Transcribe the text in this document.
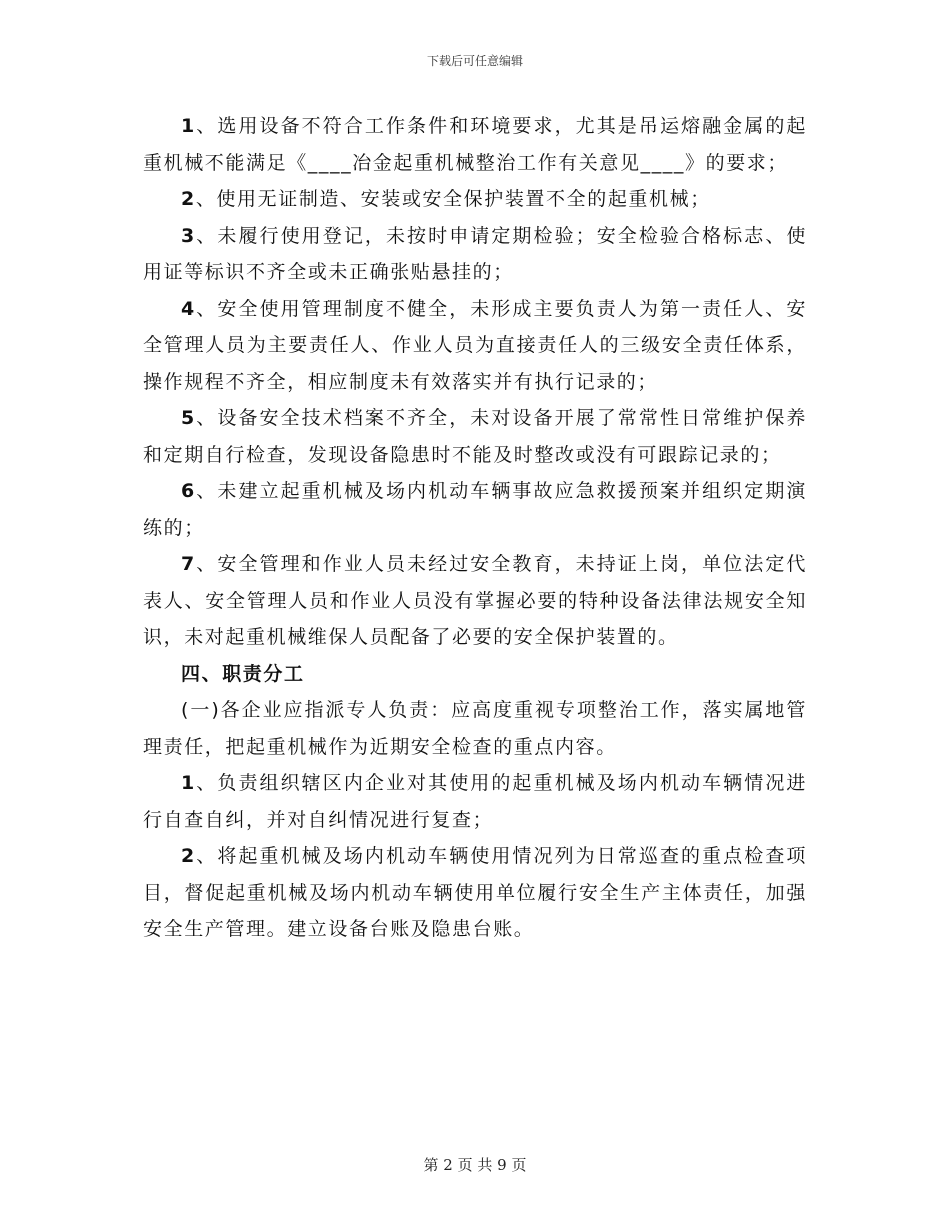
下载后可任意编辑

1、选用设备不符合工作条件和环境要求，尤其是吊运熔融金属的起重机械不能满足《____冶金起重机械整治工作有关意见____》的要求；

2、使用无证制造、安装或安全保护装置不全的起重机械；

3、未履行使用登记，未按时申请定期检验；安全检验合格标志、使用证等标识不齐全或未正确张贴悬挂的；

4、安全使用管理制度不健全，未形成主要负责人为第一责任人、安全管理人员为主要责任人、作业人员为直接责任人的三级安全责任体系，操作规程不齐全，相应制度未有效落实并有执行记录的；

5、设备安全技术档案不齐全，未对设备开展了常常性日常维护保养和定期自行检查，发现设备隐患时不能及时整改或没有可跟踪记录的；

6、未建立起重机械及场内机动车辆事故应急救援预案并组织定期演练的；

7、安全管理和作业人员未经过安全教育，未持证上岗，单位法定代表人、安全管理人员和作业人员没有掌握必要的特种设备法律法规安全知识，未对起重机械维保人员配备了必要的安全保护装置的。

四、职责分工

(一)各企业应指派专人负责：应高度重视专项整治工作，落实属地管理责任，把起重机械作为近期安全检查的重点内容。

1、负责组织辖区内企业对其使用的起重机械及场内机动车辆情况进行自查自纠，并对自纠情况进行复查；

2、将起重机械及场内机动车辆使用情况列为日常巡查的重点检查项目，督促起重机械及场内机动车辆使用单位履行安全生产主体责任，加强安全生产管理。建立设备台账及隐患台账。

第 2 页 共 9 页
